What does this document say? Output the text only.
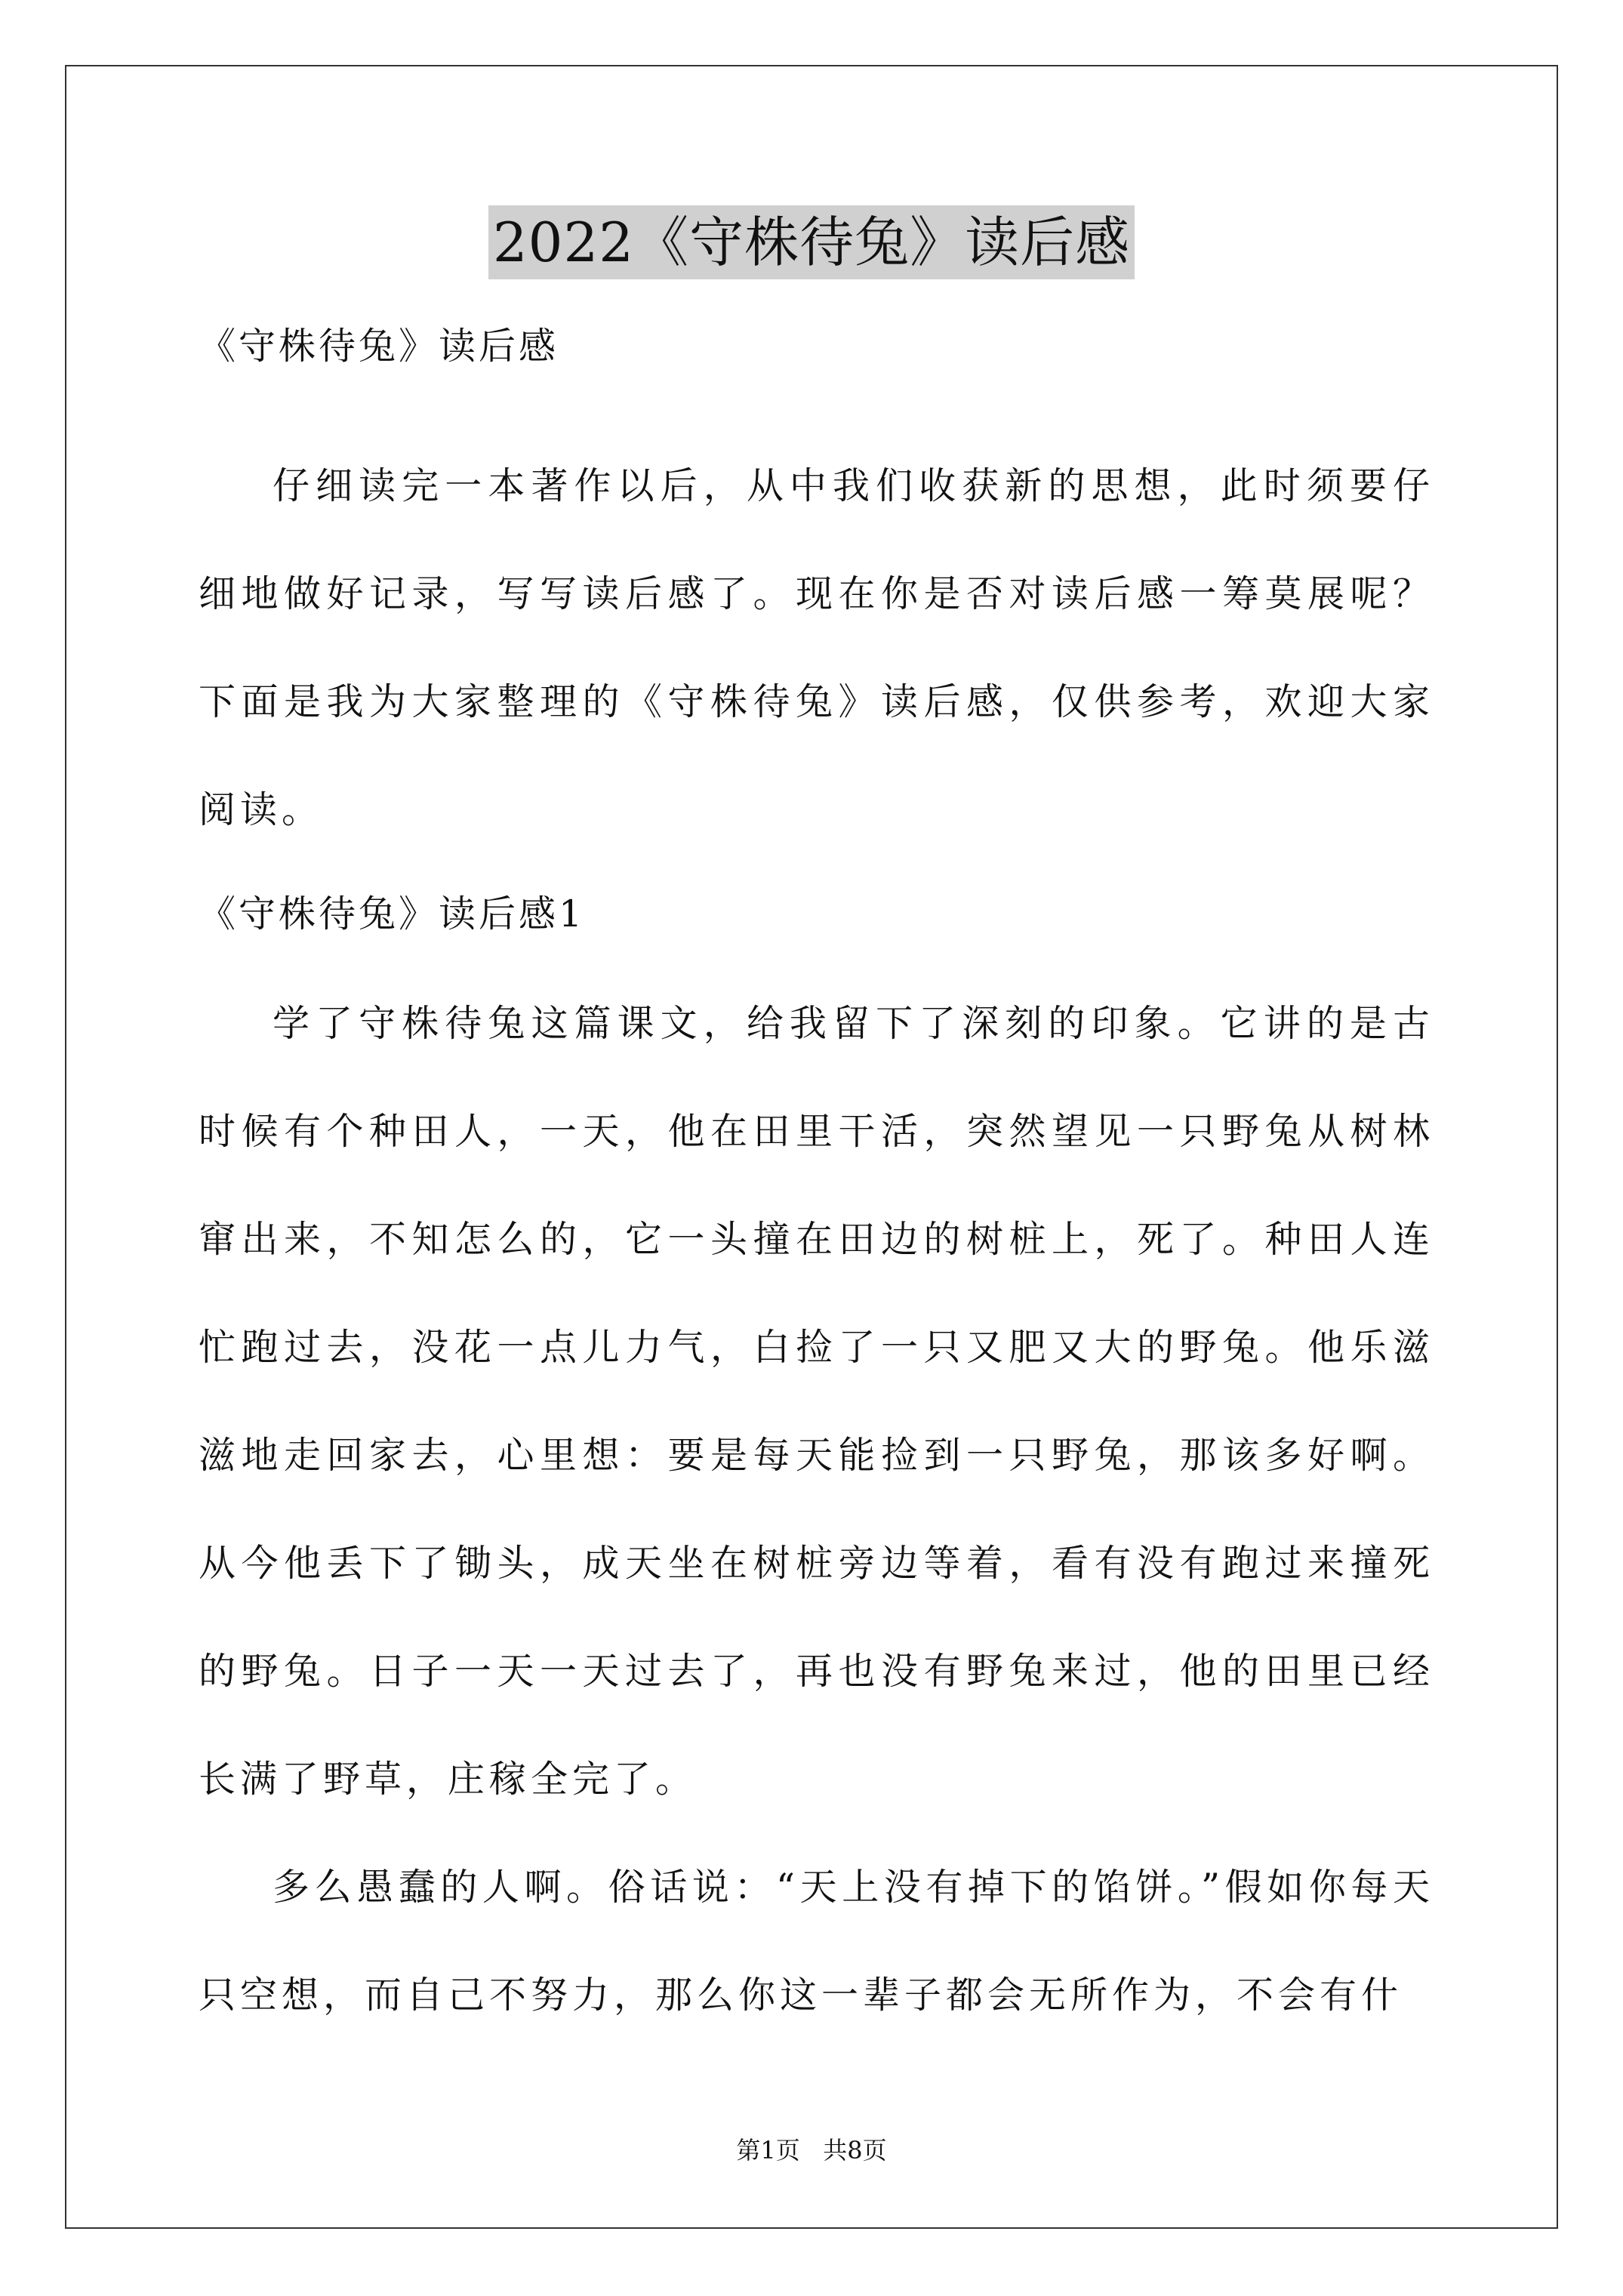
2022《守株待兔》读后感
《守株待兔》读后感

仔细读完一本著作以后，从中我们收获新的思想，此时须要仔细地做好记录，写写读后感了。现在你是否对读后感一筹莫展呢？下面是我为大家整理的《守株待兔》读后感，仅供参考，欢迎大家阅读。

《守株待兔》读后感1

学了守株待兔这篇课文，给我留下了深刻的印象。它讲的是古时候有个种田人，一天，他在田里干活，突然望见一只野兔从树林窜出来，不知怎么的，它一头撞在田边的树桩上，死了。种田人连忙跑过去，没花一点儿力气，白捡了一只又肥又大的野兔。他乐滋滋地走回家去，心里想：要是每天能捡到一只野兔，那该多好啊。从今他丢下了锄头，成天坐在树桩旁边等着，看有没有跑过来撞死的野兔。日子一天一天过去了，再也没有野兔来过，他的田里已经长满了野草，庄稼全完了。

多么愚蠢的人啊。俗话说：“天上没有掉下的馅饼。”假如你每天只空想，而自己不努力，那么你这一辈子都会无所作为，不会有什

第1页   共8页
